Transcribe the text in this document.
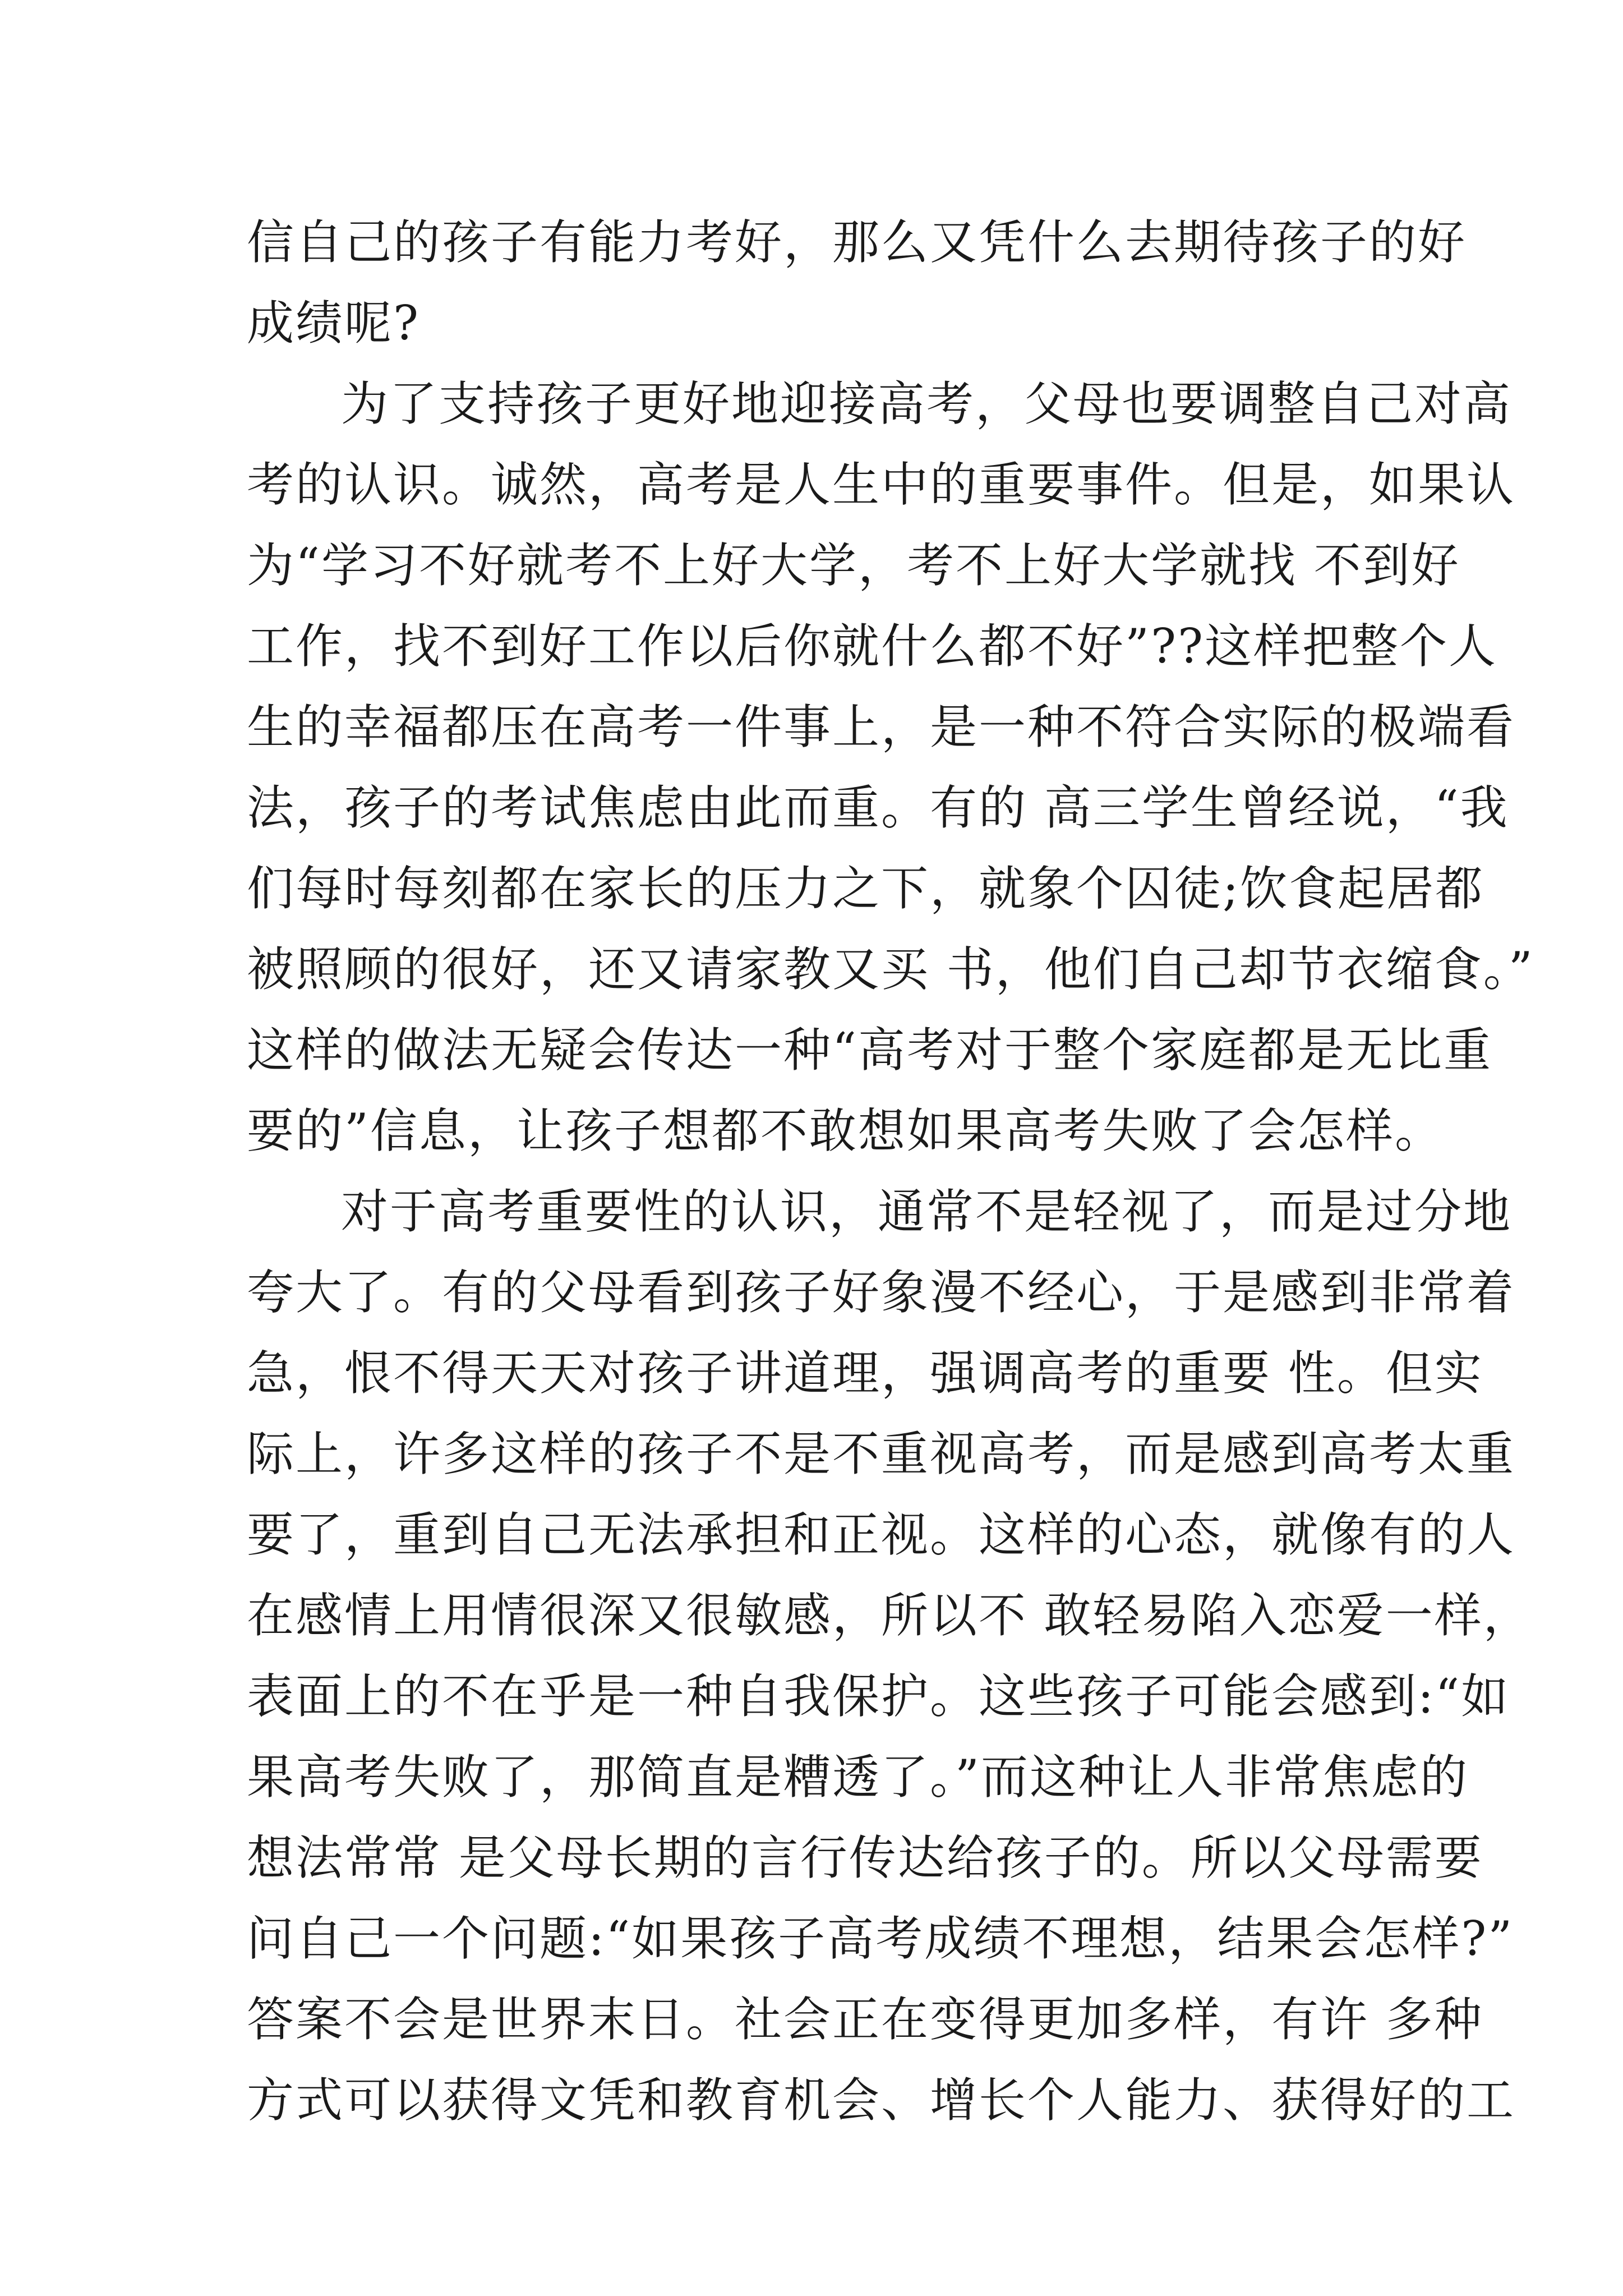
信自己的孩子有能力考好，那么又凭什么去期待孩子的好
成绩呢?
为了支持孩子更好地迎接高考，父母也要调整自己对高
考的认识。诚然，高考是人生中的重要事件。但是，如果认
为“学习不好就考不上好大学，考不上好大学就找 不到好
工作，找不到好工作以后你就什么都不好”??这样把整个人
生的幸福都压在高考一件事上，是一种不符合实际的极端看
法，孩子的考试焦虑由此而重。有的 高三学生曾经说，“我
们每时每刻都在家长的压力之下，就象个囚徒;饮食起居都
被照顾的很好，还又请家教又买 书，他们自己却节衣缩食。”
这样的做法无疑会传达一种“高考对于整个家庭都是无比重
要的”信息，让孩子想都不敢想如果高考失败了会怎样。
对于高考重要性的认识，通常不是轻视了，而是过分地
夸大了。有的父母看到孩子好象漫不经心，于是感到非常着
急，恨不得天天对孩子讲道理，强调高考的重要 性。但实
际上，许多这样的孩子不是不重视高考，而是感到高考太重
要了，重到自己无法承担和正视。这样的心态，就像有的人
在感情上用情很深又很敏感，所以不 敢轻易陷入恋爱一样，
表面上的不在乎是一种自我保护。这些孩子可能会感到:“如
果高考失败了，那简直是糟透了。”而这种让人非常焦虑的
想法常常 是父母长期的言行传达给孩子的。所以父母需要
问自己一个问题:“如果孩子高考成绩不理想，结果会怎样?”
答案不会是世界末日。社会正在变得更加多样，有许 多种
方式可以获得文凭和教育机会、增长个人能力、获得好的工
